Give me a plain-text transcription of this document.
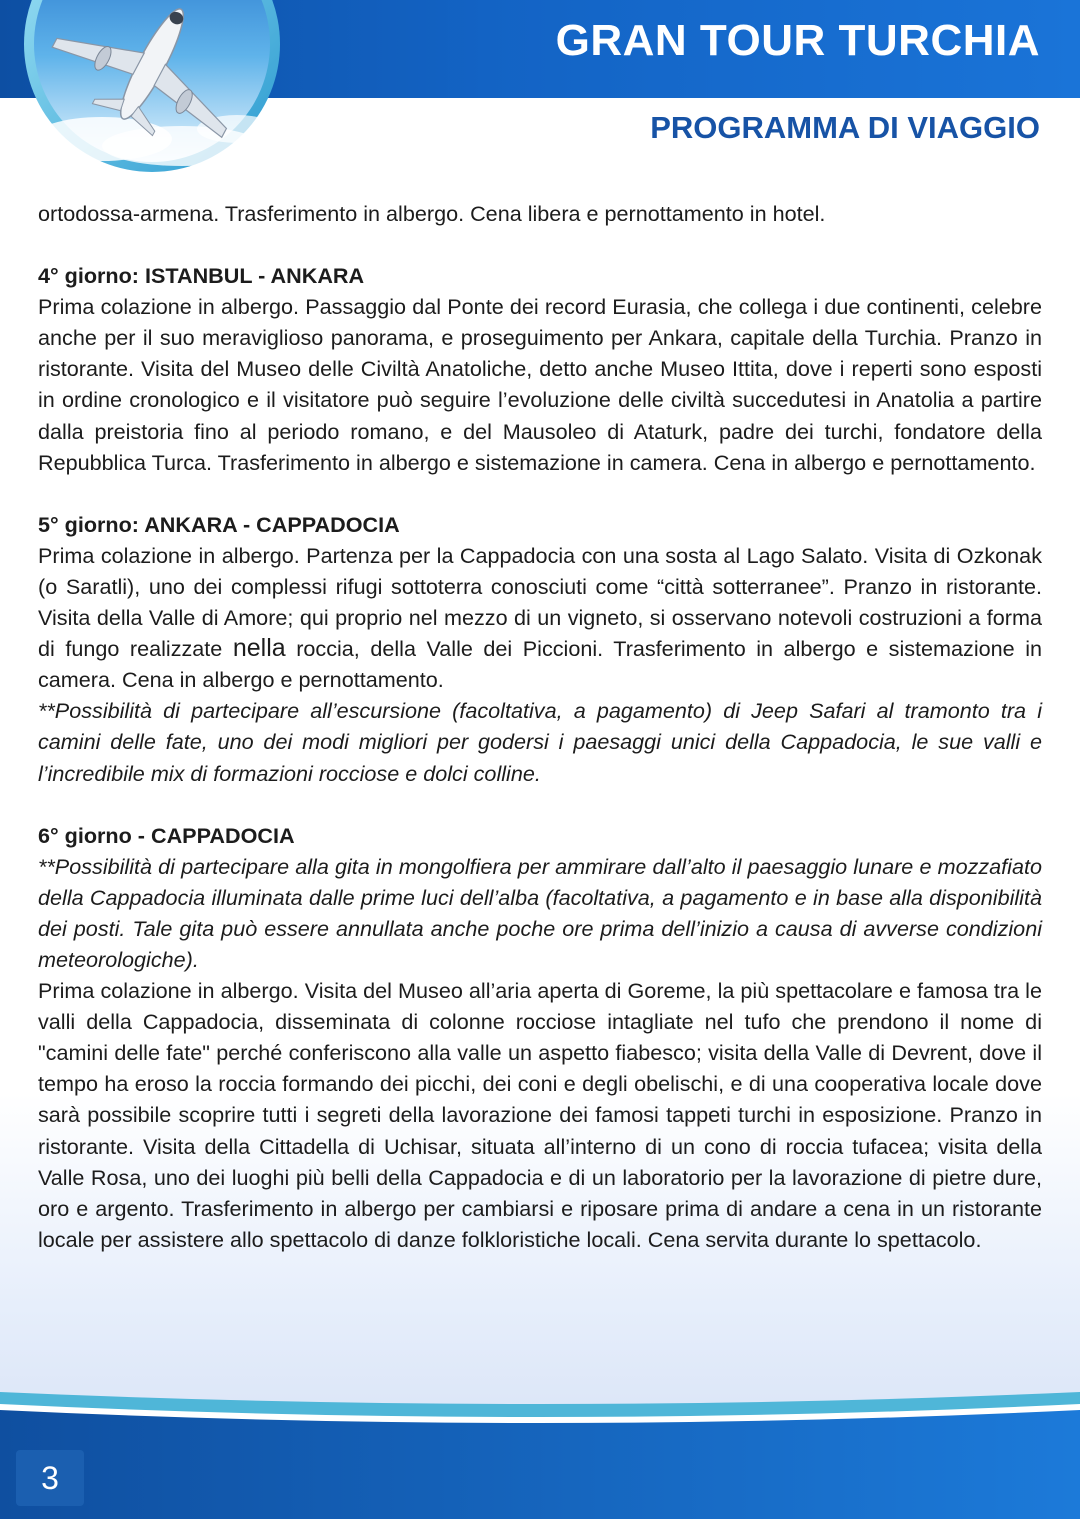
GRAN TOUR TURCHIA
PROGRAMMA DI VIAGGIO

ortodossa-armena. Trasferimento in albergo. Cena libera e pernottamento in hotel.

4° giorno: ISTANBUL - ANKARA

Prima colazione in albergo. Passaggio dal Ponte dei record Eurasia, che collega i due continenti, celebre anche per il suo meraviglioso panorama, e proseguimento per Ankara, capitale della Turchia. Pranzo in ristorante. Visita del Museo delle Civiltà Anatoliche, detto anche Museo Ittita, dove i reperti sono esposti in ordine cronologico e il visitatore può seguire l’evoluzione delle civiltà succedutesi in Anatolia a partire dalla preistoria fino al periodo romano, e del Mausoleo di Ataturk, padre dei turchi, fondatore della Repubblica Turca. Trasferimento in albergo e sistemazione in camera. Cena in albergo e pernottamento.

5° giorno: ANKARA - CAPPADOCIA

Prima colazione in albergo. Partenza per la Cappadocia con una sosta al Lago Salato. Visita di Ozkonak (o Saratli), uno dei complessi rifugi sottoterra conosciuti come “città sotterranee”. Pranzo in ristorante. Visita della Valle di Amore; qui proprio nel mezzo di un vigneto, si osservano notevoli costruzioni a forma di fungo realizzate nella roccia, della Valle dei Piccioni. Trasferimento in albergo e sistemazione in camera. Cena in albergo e pernottamento.

**Possibilità di partecipare all’escursione (facoltativa, a pagamento) di Jeep Safari al tramonto tra i camini delle fate, uno dei modi migliori per godersi i paesaggi unici della Cappadocia, le sue valli e l’incredibile mix di formazioni rocciose e dolci colline.

6° giorno - CAPPADOCIA

**Possibilità di partecipare alla gita in mongolfiera per ammirare dall’alto il paesaggio lunare e mozzafiato della Cappadocia illuminata dalle prime luci dell’alba (facoltativa, a pagamento e in base alla disponibilità dei posti. Tale gita può essere annullata anche poche ore prima dell’inizio a causa di avverse condizioni meteorologiche).

Prima colazione in albergo. Visita del Museo all’aria aperta di Goreme, la più spettacolare e famosa tra le valli della Cappadocia, disseminata di colonne rocciose intagliate nel tufo che prendono il nome di "camini delle fate" perché conferiscono alla valle un aspetto fiabesco; visita della Valle di Devrent, dove il tempo ha eroso la roccia formando dei picchi, dei coni e degli obelischi, e di una cooperativa locale dove sarà possibile scoprire tutti i segreti della lavorazione dei famosi tappeti turchi in esposizione. Pranzo in ristorante. Visita della Cittadella di Uchisar, situata all’interno di un cono di roccia tufacea; visita della Valle Rosa, uno dei luoghi più belli della Cappadocia e di un laboratorio per la lavorazione di pietre dure, oro e argento. Trasferimento in albergo per cambiarsi e riposare prima di andare a cena in un ristorante locale per assistere allo spettacolo di danze folkloristiche locali. Cena servita durante lo spettacolo.

3
